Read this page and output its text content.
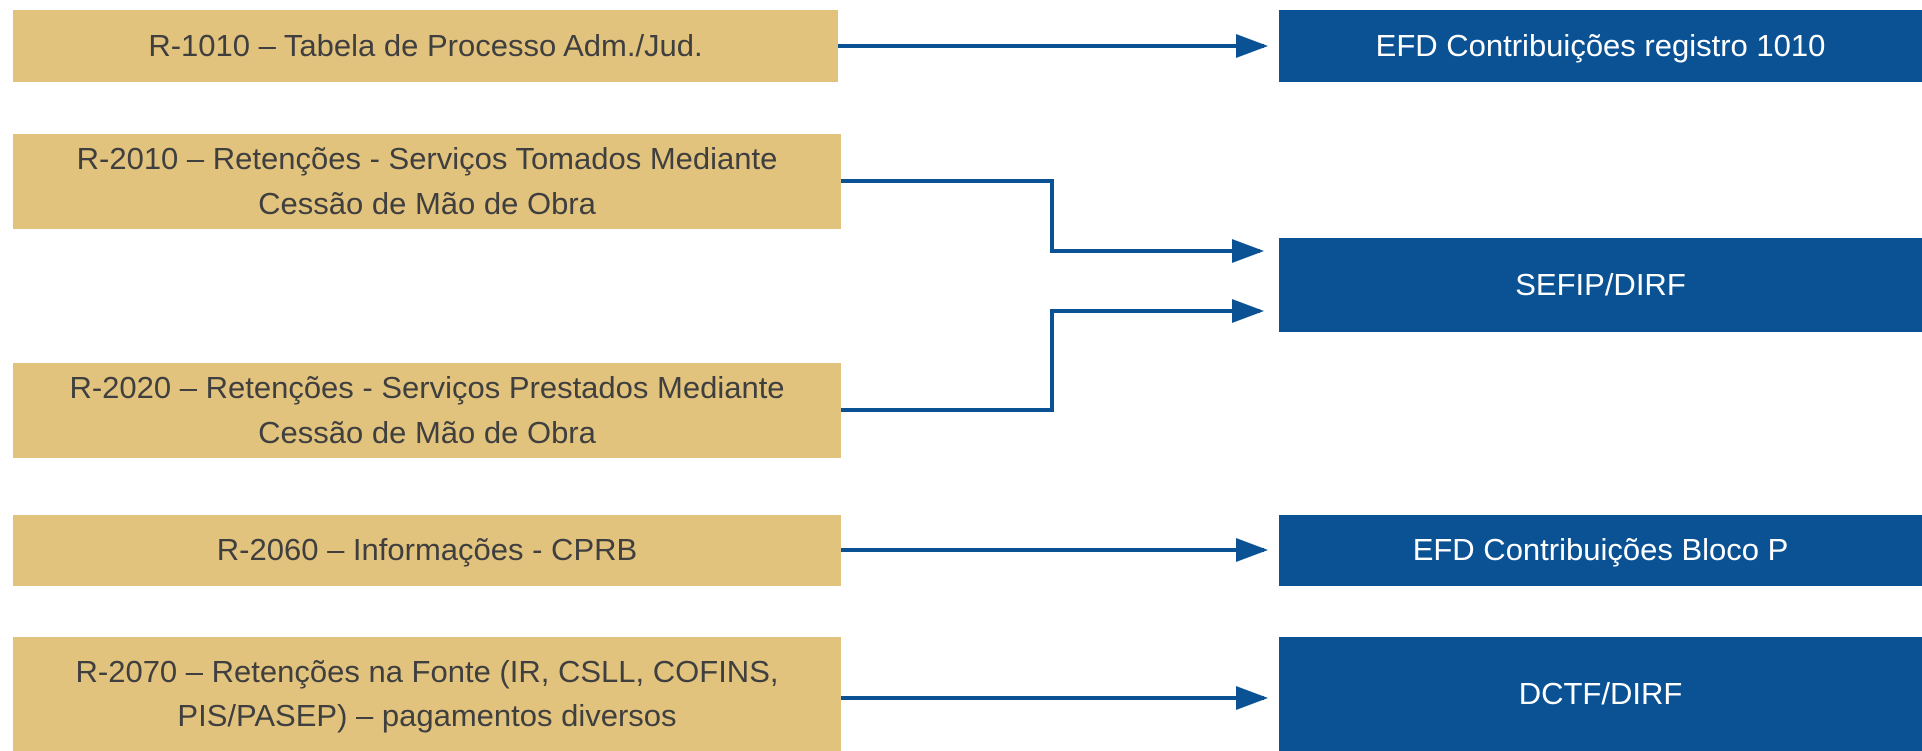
R-1010 – Tabela de Processo Adm./Jud.
R-2010 – Retenções - Serviços Tomados Mediante
Cessão de Mão de Obra
R-2020 – Retenções - Serviços Prestados Mediante
Cessão de Mão de Obra
R-2060 – Informações - CPRB
R-2070 – Retenções na Fonte (IR, CSLL, COFINS,
PIS/PASEP) – pagamentos diversos
EFD Contribuições registro 1010
SEFIP/DIRF
EFD Contribuições Bloco P
DCTF/DIRF
